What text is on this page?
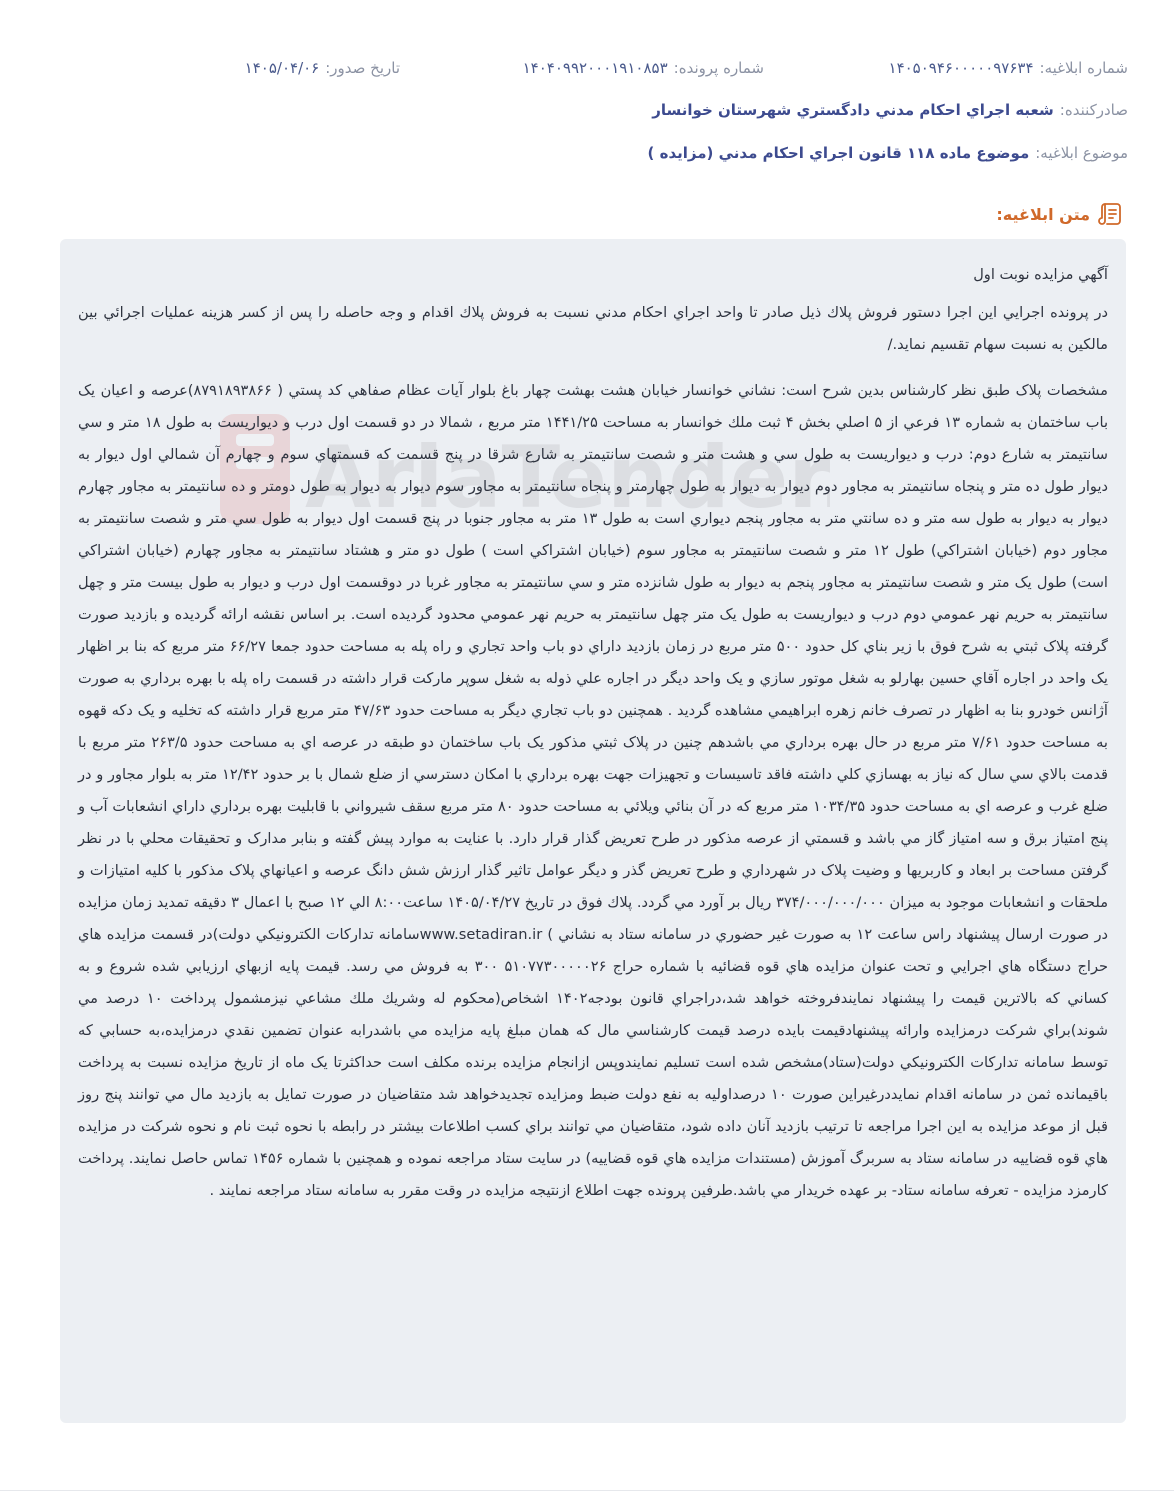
شماره ابلاغیه:
۱۴۰۵۰۹۴۶۰۰۰۰۰۹۷۶۳۴
شماره پرونده:
۱۴۰۴۰۹۹۲۰۰۰۱۹۱۰۸۵۳
تاریخ صدور:
۱۴۰۵/۰۴/۰۶
صادرکننده:
شعبه اجراي احكام مدني دادگستري شهرستان خوانسار
موضوع ابلاغیه:
موضوع ماده ۱۱۸ قانون اجراي احكام مدني (مزايده )
متن ابلاغیه:
AriaTender

آگهي مزايده نوبت اول

در پرونده اجرايي اين اجرا دستور فروش پلاك ذيل صادر تا واحد اجراي احكام مدني نسبت به فروش پلاك اقدام و وجه حاصله را پس از كسر هزينه عمليات اجرائي بين مالكين به نسبت سهام تقسيم نمايد./

مشخصات پلاک طبق نظر کارشناس بدین شرح است: نشاني خوانسار خيابان هشت بهشت چهار باغ بلوار آيات عظام صفاهي كد پستي ( ۸۷۹۱۸۹۳۸۶۶)عرصه و اعيان يک باب ساختمان به شماره ۱۳ فرعي از ۵ اصلي بخش ۴ ثبت ملك خوانسار به مساحت ۱۴۴۱/۲۵ متر مربع ، شمالا در دو قسمت اول درب و ديواريست به طول ۱۸ متر و سي سانتيمتر به شارع دوم: درب و ديواريست به طول سي و هشت متر و شصت سانتيمتر به شارع شرقا در پنج قسمت كه قسمتهاي سوم و چهارم آن شمالي اول ديوار به ديوار طول ده متر و پنجاه سانتيمتر به مجاور دوم ديوار به ديوار به طول چهارمتر و پنجاه سانتيمتر به مجاور سوم ديوار به ديوار به طول دومتر و ده سانتيمتر به مجاور چهارم ديوار به ديوار به طول سه متر و ده سانتي متر به مجاور پنجم ديواري است به طول ۱۳ متر به مجاور جنوبا در پنج قسمت اول ديوار به طول سي متر و شصت سانتيمتر به مجاور دوم (خيابان اشتراكي) طول ۱۲ متر و شصت سانتيمتر به مجاور سوم (خيابان اشتراكي است ) طول دو متر و هشتاد سانتيمتر به مجاور چهارم (خيابان اشتراكي است) طول يک متر و شصت سانتيمتر به مجاور پنجم به ديوار به طول شانزده متر و سي سانتيمتر به مجاور غربا در دوقسمت اول درب و ديوار به طول بيست متر و چهل سانتيمتر به حريم نهر عمومي دوم درب و ديواريست به طول يک متر چهل سانتيمتر به حريم نهر عمومي محدود گرديده است. بر اساس نقشه ارائه گرديده و بازديد صورت گرفته پلاک ثبتي به شرح فوق با زير بناي کل حدود ۵۰۰ متر مربع در زمان بازديد داراي دو باب واحد تجاري و راه پله به مساحت حدود جمعا ۶۶/۲۷ متر مربع که بنا بر اظهار يک واحد در اجاره آقاي حسين بهارلو به شغل موتور سازي و يک واحد ديگر در اجاره علي ذوله به شغل سوپر مارکت قرار داشته در قسمت راه پله با بهره برداري به صورت آژانس خودرو بنا به اظهار در تصرف خانم زهره ابراهيمي مشاهده گرديد . همچنين دو باب تجاري ديگر به مساحت حدود ۴۷/۶۳ متر مربع قرار داشته که تخليه و يک دکه قهوه به مساحت حدود ۷/۶۱ متر مربع در حال بهره برداري مي باشدهم چنين در پلاک ثبتي مذكور يک باب ساختمان دو طبقه در عرصه اي به مساحت حدود ۲۶۳/۵ متر مربع با قدمت بالاي سي سال كه نياز به بهسازي كلي داشته فاقد تاسيسات و تجهيزات جهت بهره برداري با امكان دسترسي از ضلع شمال با بر حدود ۱۲/۴۲ متر به بلوار مجاور و در ضلع غرب و عرصه اي به مساحت حدود ۱۰۳۴/۳۵ متر مربع که در آن بنائي ويلائي به مساحت حدود ۸۰ متر مربع سقف شيرواني با قابليت بهره برداري داراي انشعابات آب و پنج امتياز برق و سه امتياز گاز مي باشد و قسمتي از عرصه مذكور در طرح تعريض گذار قرار دارد. با عنايت به موارد پيش گفته و بنابر مدارک و تحقيقات محلي با در نظر گرفتن مساحت بر ابعاد و کاربريها و وضيت پلاک در شهرداري و طرح تعريض گذر و ديگر عوامل تاثير گذار ارزش شش دانگ عرصه و اعيانهاي پلاک مذکور با كليه امتيازات و ملحقات و انشعابات موجود به ميزان ۳۷۴/۰۰۰/۰۰۰/۰۰۰ ريال بر آورد مي گردد. پلاك فوق در تاريخ ۱۴۰۵/۰۴/۲۷ ساعت۸:۰۰ الي ۱۲ صبح با اعمال ۳ دقيقه تمديد زمان مزايده در صورت ارسال پيشنهاد راس ساعت ۱۲ به صورت غير حضوري در سامانه ستاد به نشاني ) www.setadiran.irسامانه تداركات الكترونيكي دولت)در قسمت مزايده هاي حراج دستگاه هاي اجرايي و تحت عنوان مزايده هاي قوه قضائيه با شماره حراج ۵۱۰۷۷۳۰۰۰۰۰۲۶ ۳۰۰ به فروش مي رسد. قيمت پايه ازبهاي ارزيابي شده شروع و به كساني كه بالاترين قيمت را پيشنهاد نمايندفروخته خواهد شد،دراجراي قانون بودجه۱۴۰۲ اشخاص(محكوم له وشريك ملك مشاعي نيزمشمول پرداخت ۱۰ درصد مي شوند)براي شركت درمزايده وارائه پيشنهادقيمت بايده درصد قيمت كارشناسي مال كه همان مبلغ پايه مزايده مي باشدرابه عنوان تضمين نقدي درمزايده،به حسابي كه توسط سامانه تداركات الكترونيكي دولت(ستاد)مشخص شده است تسليم نمايندوپس ازانجام مزايده برنده مكلف است حداكثرتا يک ماه از تاريخ مزايده نسبت به پرداخت باقيمانده ثمن در سامانه اقدام نمايددرغيراين صورت ۱۰ درصداوليه به نفع دولت ضبط ومزايده تجديدخواهد شد متقاضيان در صورت تمايل به بازديد مال مي توانند پنج روز قبل از موعد مزايده به اين اجرا مراجعه تا ترتيب بازديد آنان داده شود، متقاضيان مي توانند براي كسب اطلاعات بيشتر در رابطه با نحوه ثبت نام و نحوه شركت در مزايده هاي قوه قضاييه در سامانه ستاد به سربرگ آموزش (مستندات مزايده هاي قوه قضاييه) در سايت ستاد مراجعه نموده و همچنين با شماره ۱۴۵۶ تماس حاصل نمايند. پرداخت كارمزد مزايده - تعرفه سامانه ستاد- بر عهده خريدار مي باشد.طرفين پرونده جهت اطلاع ازنتيجه مزايده در وقت مقرر به سامانه ستاد مراجعه نمايند .
